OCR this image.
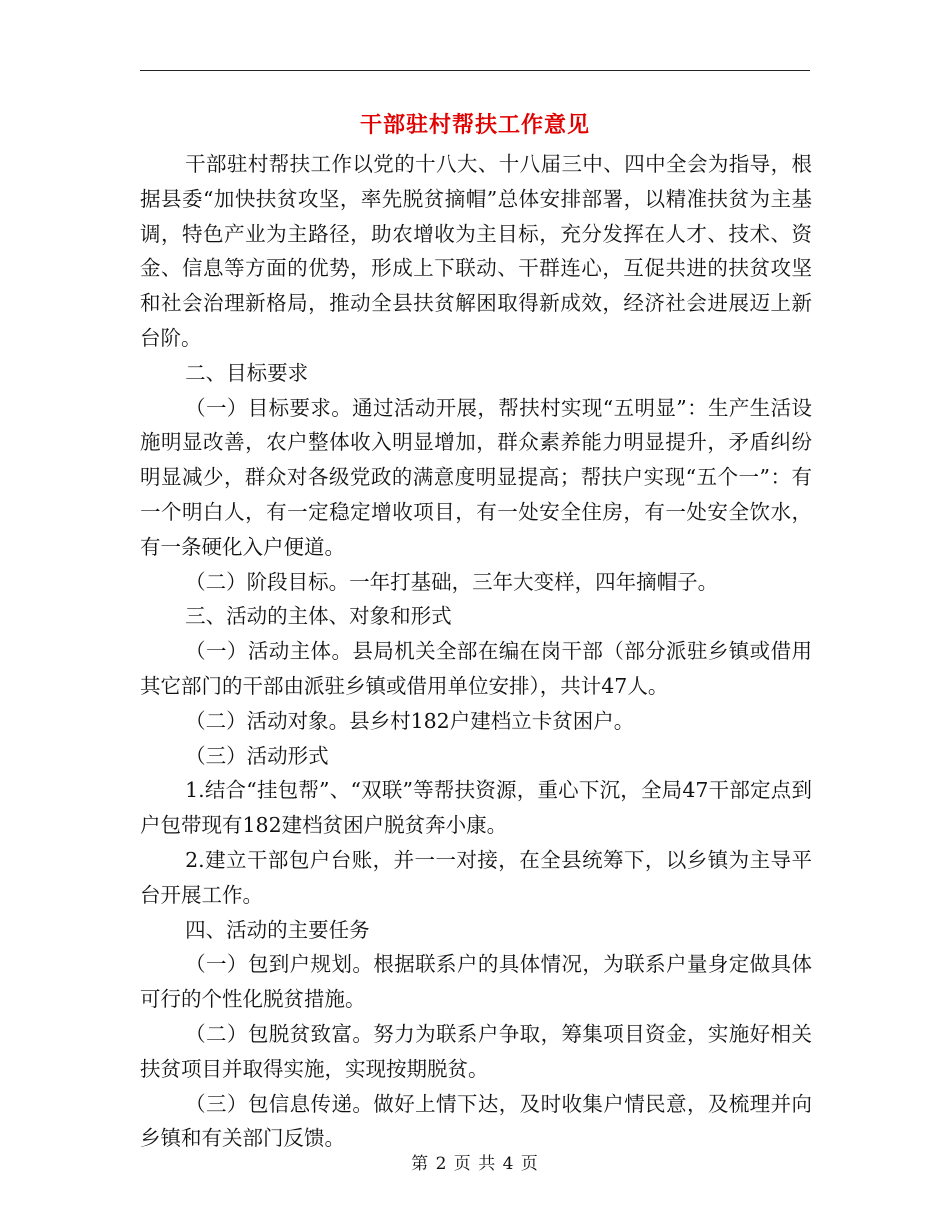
干部驻村帮扶工作意见

干部驻村帮扶工作以党的十八大、十八届三中、四中全会为指导，根据县委“加快扶贫攻坚，率先脱贫摘帽”总体安排部署，以精准扶贫为主基调，特色产业为主路径，助农增收为主目标，充分发挥在人才、技术、资金、信息等方面的优势，形成上下联动、干群连心，互促共进的扶贫攻坚和社会治理新格局，推动全县扶贫解困取得新成效，经济社会进展迈上新台阶。

二、目标要求

（一）目标要求。通过活动开展，帮扶村实现“五明显”：生产生活设施明显改善，农户整体收入明显增加，群众素养能力明显提升，矛盾纠纷明显减少，群众对各级党政的满意度明显提高；帮扶户实现“五个一”：有一个明白人，有一定稳定增收项目，有一处安全住房，有一处安全饮水，有一条硬化入户便道。

（二）阶段目标。一年打基础，三年大变样，四年摘帽子。

三、活动的主体、对象和形式

（一）活动主体。县局机关全部在编在岗干部（部分派驻乡镇或借用其它部门的干部由派驻乡镇或借用单位安排），共计47人。

（二）活动对象。县乡村182户建档立卡贫困户。

（三）活动形式

1.结合“挂包帮”、“双联”等帮扶资源，重心下沉，全局47干部定点到户包带现有182建档贫困户脱贫奔小康。

2.建立干部包户台账，并一一对接，在全县统筹下，以乡镇为主导平台开展工作。

四、活动的主要任务

（一）包到户规划。根据联系户的具体情况，为联系户量身定做具体可行的个性化脱贫措施。

（二）包脱贫致富。努力为联系户争取，筹集项目资金，实施好相关扶贫项目并取得实施，实现按期脱贫。

（三）包信息传递。做好上情下达，及时收集户情民意，及梳理并向乡镇和有关部门反馈。

第 2 页 共 4 页
